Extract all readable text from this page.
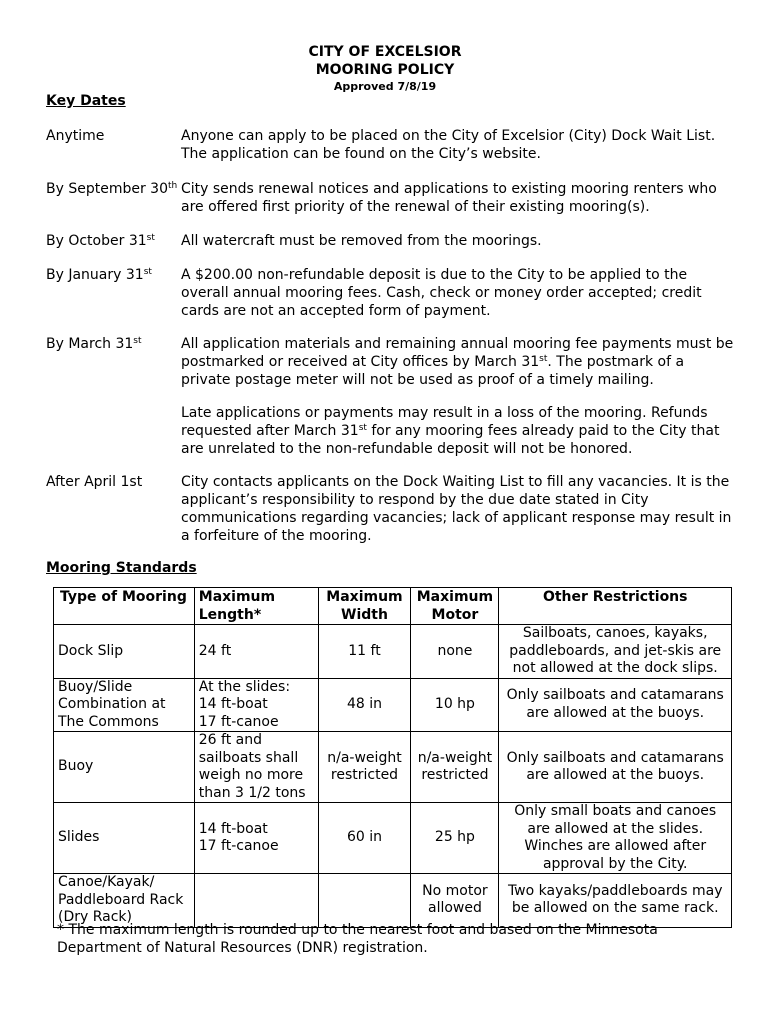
CITY OF EXCELSIOR
MOORING POLICY
Approved 7/8/19
Key Dates
Anytime	Anyone can apply to be placed on the City of Excelsior (City) Dock Wait List. The application can be found on the City’s website.
By September 30th City sends renewal notices and applications to existing mooring renters who are offered first priority of the renewal of their existing mooring(s).
By October 31st All watercraft must be removed from the moorings.
By January 31st A $200.00 non-refundable deposit is due to the City to be applied to the overall annual mooring fees. Cash, check or money order accepted; credit cards are not an accepted form of payment.
By March 31st	All application materials and remaining annual mooring fee payments must be postmarked or received at City offices by March 31st. The postmark of a private postage meter will not be used as proof of a timely mailing.
Late applications or payments may result in a loss of the mooring. Refunds requested after March 31st for any mooring fees already paid to the City that are unrelated to the non-refundable deposit will not be honored.
After April 1st	City contacts applicants on the Dock Waiting List to fill any vacancies. It is the applicant’s responsibility to respond by the due date stated in City communications regarding vacancies; lack of applicant response may result in a forfeiture of the mooring.
Mooring Standards
Type of Mooring	Maximum Length*	Maximum Width	Maximum Motor	Other Restrictions
Dock Slip	24 ft	11 ft	none	Sailboats, canoes, kayaks, paddleboards, and jet-skis are not allowed at the dock slips.
Buoy/Slide Combination at The Commons	At the slides:
14 ft-boat
17 ft-canoe	48 in	10 hp	Only sailboats and catamarans are allowed at the buoys.
Buoy	26 ft and sailboats shall weigh no more than 3 1/2 tons	n/a-weight restricted	n/a-weight restricted	Only sailboats and catamarans are allowed at the buoys.
Slides	14 ft-boat
17 ft-canoe	60 in	25 hp	Only small boats and canoes are allowed at the slides. Winches are allowed after approval by the City.
Canoe/Kayak/ Paddleboard Rack (Dry Rack)			No motor allowed	Two kayaks/paddleboards may be allowed on the same rack.
* The maximum length is rounded up to the nearest foot and based on the Minnesota Department of Natural Resources (DNR) registration.
